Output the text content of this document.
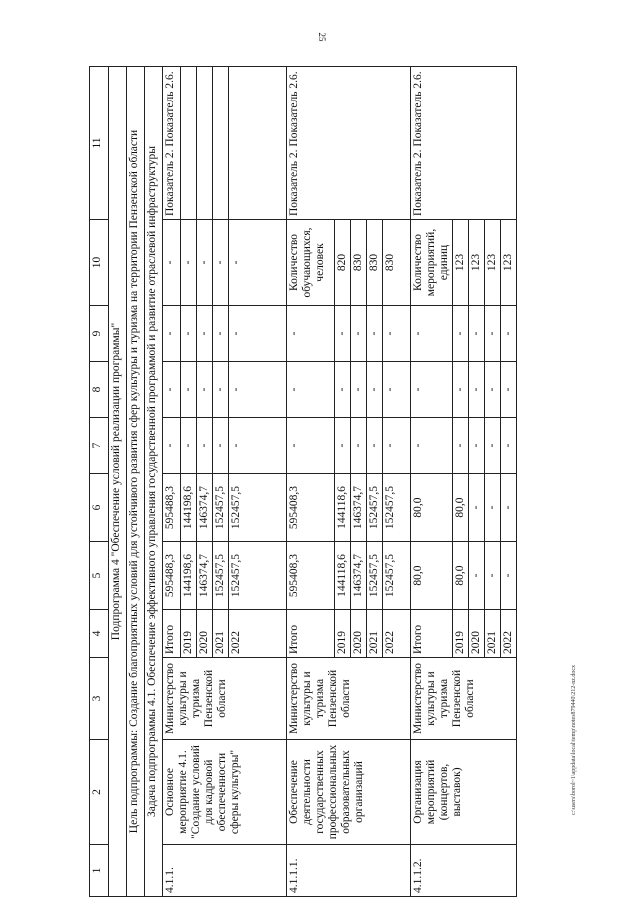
25
c:\users\borol~1\appdata\local\temp\notes879440\212-nz.docx
1	2	3	4	5	6	7	8	9	10	11
Подпрограмма 4 "Обеспечение условий реализации программы"										
Цель подпрограммы: Создание благоприятных условий для устойчивого развития сфер культуры и туризма на территории Пензенской области										
Задача подпрограммы 4.1. Обеспечение эффективного управления государственной программой и развитие отраслевой инфраструктуры										
4.1.1.	Основное мероприятие 4.1. "Создание условий для кадровой обеспеченности сферы культуры"	Министерство культуры и туризма Пензенской области	Итого	595488,3	595488,3	-	-	-	-	Показатель 2. Показатель 2.6.
			2019	144198,6	144198,6	-	-	-	-	
			2020	146374,7	146374,7	-	-	-	-	
			2021	152457,5	152457,5	-	-	-	-	
			2022	152457,5	152457,5	-	-	-	-	
4.1.1.1.	Обеспечение деятельности государственных профессиональных образовательных организаций	Министерство культуры и туризма Пензенской области	Итого	595408,3	595408,3	-	-	-	Количество обучающихся, человек	Показатель 2. Показатель 2.6.
			2019	144118,6	144118,6	-	-	-	820	
			2020	146374,7	146374,7	-	-	-	830	
			2021	152457,5	152457,5	-	-	-	830	
			2022	152457,5	152457,5	-	-	-	830	
4.1.1.2.	Организация мероприятий (концертов, выставок)	Министерство культуры и туризма Пензенской области	Итого	80,0	80,0	-	-	-	Количество мероприятий, единиц	Показатель 2. Показатель 2.6.
			2019	80,0	80,0	-	-	-	123	
			2020	-	-	-	-	-	123	
			2021	-	-	-	-	-	123	
			2022	-	-	-	-	-	123	
